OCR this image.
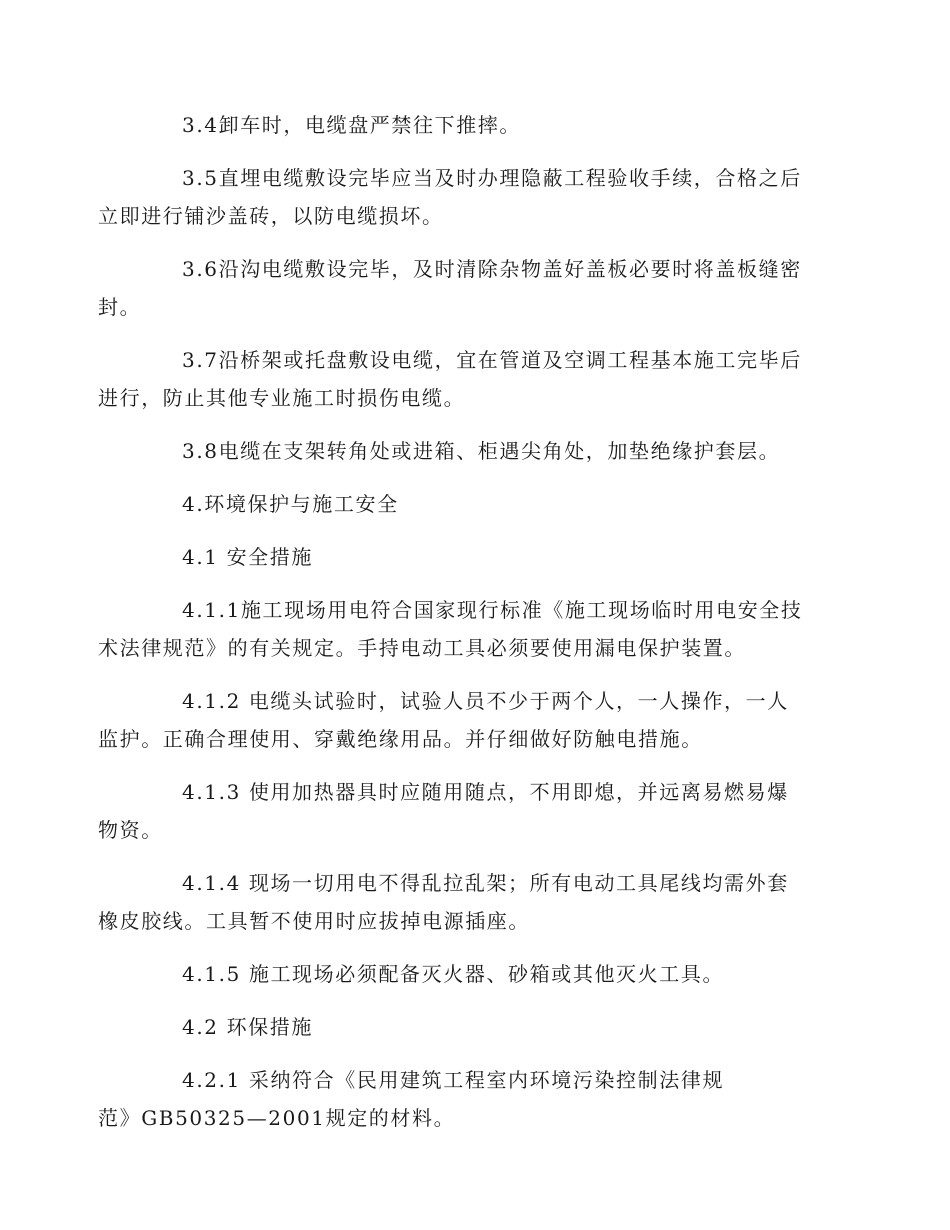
3.4卸车时，电缆盘严禁往下推摔。

3.5直埋电缆敷设完毕应当及时办理隐蔽工程验收手续，合格之后
立即进行铺沙盖砖，以防电缆损坏。

3.6沿沟电缆敷设完毕，及时清除杂物盖好盖板必要时将盖板缝密
封。

3.7沿桥架或托盘敷设电缆，宜在管道及空调工程基本施工完毕后
进行，防止其他专业施工时损伤电缆。

3.8电缆在支架转角处或进箱、柜遇尖角处，加垫绝缘护套层。

4.环境保护与施工安全

4.1 安全措施

4.1.1施工现场用电符合国家现行标准《施工现场临时用电安全技
术法律规范》的有关规定。手持电动工具必须要使用漏电保护装置。

4.1.2 电缆头试验时，试验人员不少于两个人，一人操作，一人
监护。正确合理使用、穿戴绝缘用品。并仔细做好防触电措施。

4.1.3 使用加热器具时应随用随点，不用即熄，并远离易燃易爆
物资。

4.1.4 现场一切用电不得乱拉乱架；所有电动工具尾线均需外套
橡皮胶线。工具暂不使用时应拔掉电源插座。

4.1.5 施工现场必须配备灭火器、砂箱或其他灭火工具。

4.2 环保措施

4.2.1 采纳符合《民用建筑工程室内环境污染控制法律规
范》GB50325—2001规定的材料。
